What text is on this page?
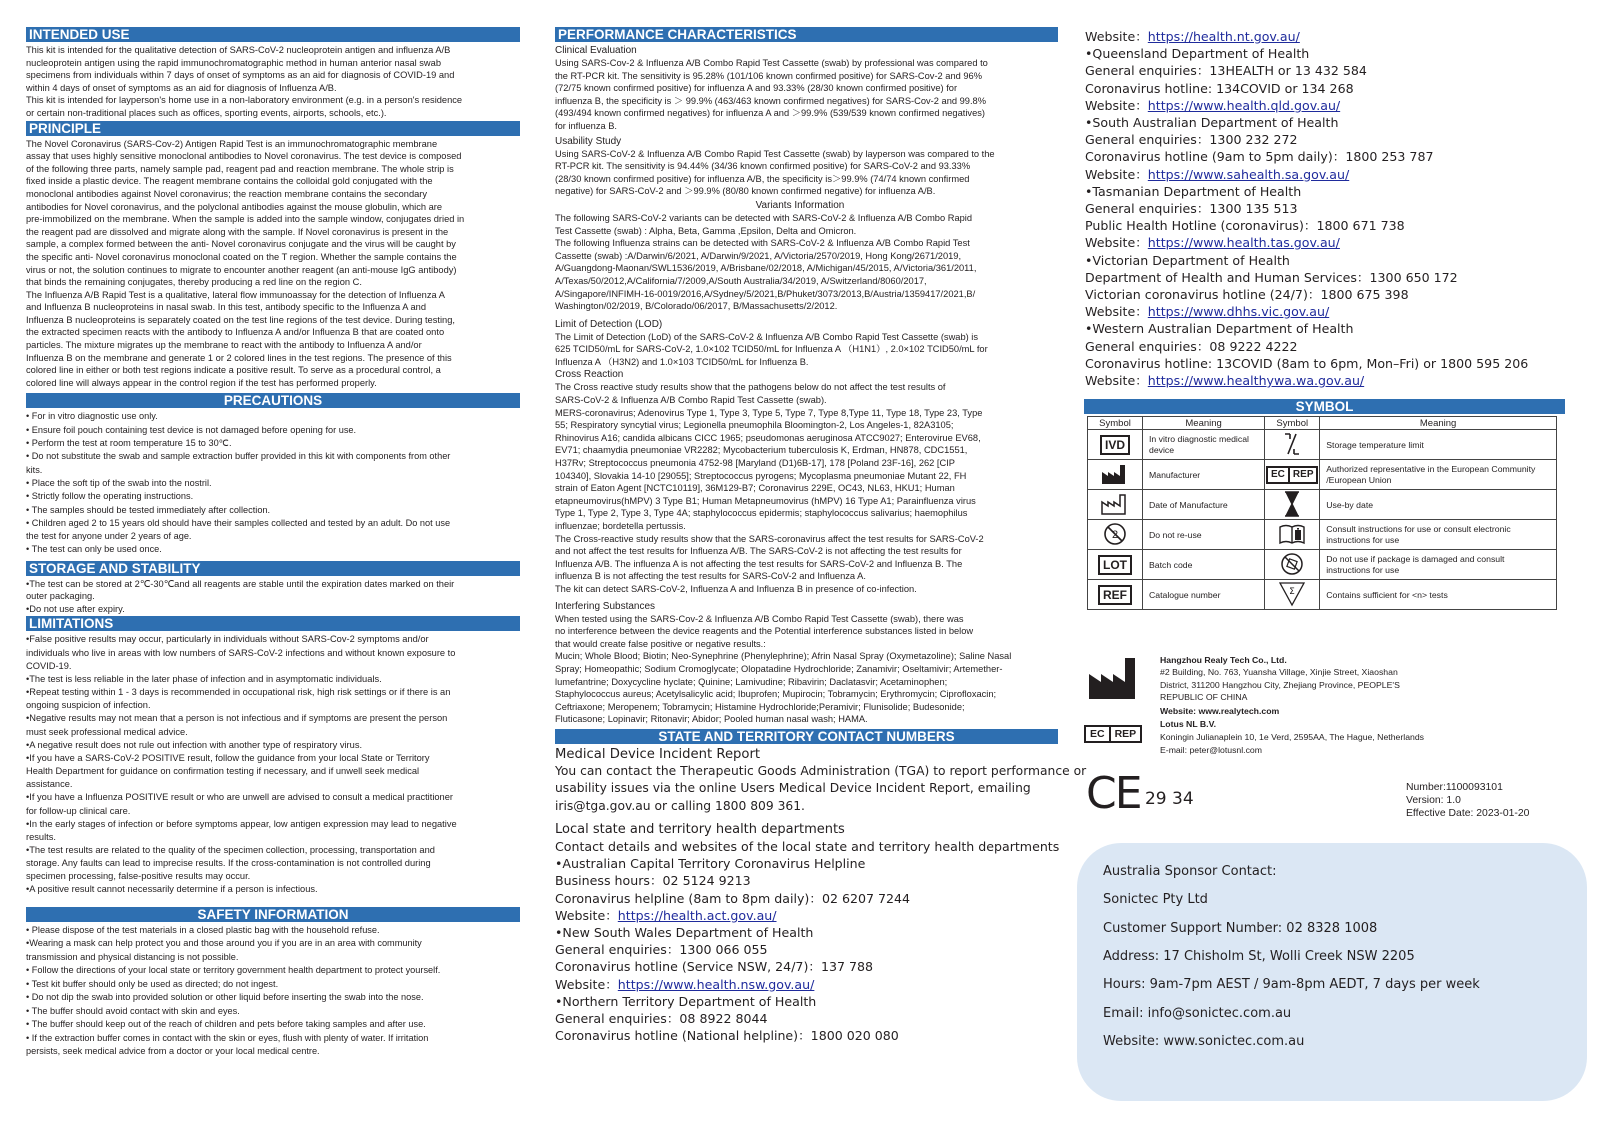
INTENDED USE

This kit is intended for the qualitative detection of SARS-CoV-2 nucleoprotein antigen and influenza A/B

nucleoprotein antigen using the rapid immunochromatographic method in human anterior nasal swab

specimens from individuals within 7 days of onset of symptoms as an aid for diagnosis of COVID-19 and

within 4 days of onset of symptoms as an aid for diagnosis of Influenza A/B.

This kit is intended for layperson's home use in a non-laboratory environment (e.g. in a person's residence

or certain non-traditional places such as offices, sporting events, airports, schools, etc.).

PRINCIPLE

The Novel Coronavirus (SARS-Cov-2) Antigen Rapid Test is an immunochromatographic membrane

assay that uses highly sensitive monoclonal antibodies to Novel coronavirus. The test device is composed

of the following three parts, namely sample pad, reagent pad and reaction membrane. The whole strip is

fixed inside a plastic device. The reagent membrane contains the colloidal gold conjugated with the

monoclonal antibodies against Novel coronavirus; the reaction membrane contains the secondary

antibodies for Novel coronavirus, and the polyclonal antibodies against the mouse globulin, which are

pre-immobilized on the membrane. When the sample is added into the sample window, conjugates dried in

the reagent pad are dissolved and migrate along with the sample. If Novel coronavirus is present in the

sample, a complex formed between the anti- Novel coronavirus conjugate and the virus will be caught by

the specific anti- Novel coronavirus monoclonal coated on the T region. Whether the sample contains the

virus or not, the solution continues to migrate to encounter another reagent (an anti-mouse IgG antibody)

that binds the remaining conjugates, thereby producing a red line on the region C.

The Influenza A/B Rapid Test is a qualitative, lateral flow immunoassay for the detection of Influenza A

and Influenza B nucleoproteins in nasal swab. In this test, antibody specific to the Influenza A and

Influenza B nucleoproteins is separately coated on the test line regions of the test device. During testing,

the extracted specimen reacts with the antibody to Influenza A and/or Influenza B that are coated onto

particles. The mixture migrates up the membrane to react with the antibody to Influenza A and/or

Influenza B on the membrane and generate 1 or 2 colored lines in the test regions. The presence of this

colored line in either or both test regions indicate a positive result. To serve as a procedural control, a

colored line will always appear in the control region if the test has performed properly.

PRECAUTIONS

• For in vitro diagnostic use only.

• Ensure foil pouch containing test device is not damaged before opening for use.

• Perform the test at room temperature 15 to 30℃.

• Do not substitute the swab and sample extraction buffer provided in this kit with components from other

kits.

• Place the soft tip of the swab into the nostril.

• Strictly follow the operating instructions.

• The samples should be tested immediately after collection.

• Children aged 2 to 15 years old should have their samples collected and tested by an adult. Do not use

the test for anyone under 2 years of age.

• The test can only be used once.

STORAGE AND STABILITY

•The test can be stored at 2℃-30℃and all reagents are stable until the expiration dates marked on their

outer packaging.

•Do not use after expiry.

LIMITATIONS

•False positive results may occur, particularly in individuals without SARS-Cov-2 symptoms and/or

individuals who live in areas with low numbers of SARS-CoV-2 infections and without known exposure to

COVID-19.

•The test is less reliable in the later phase of infection and in asymptomatic individuals.

•Repeat testing within 1 - 3 days is recommended in occupational risk, high risk settings or if there is an

ongoing suspicion of infection.

•Negative results may not mean that a person is not infectious and if symptoms are present the person

must seek professional medical advice.

•A negative result does not rule out infection with another type of respiratory virus.

•If you have a SARS-CoV-2 POSITIVE result, follow the guidance from your local State or Territory

Health Department for guidance on confirmation testing if necessary, and if unwell seek medical

assistance.

•If you have a Influenza POSITIVE result or who are unwell are advised to consult a medical practitioner

for follow-up clinical care.

•In the early stages of infection or before symptoms appear, low antigen expression may lead to negative

results.

•The test results are related to the quality of the specimen collection, processing, transportation and

storage. Any faults can lead to imprecise results. If the cross-contamination is not controlled during

specimen processing, false-positive results may occur.

•A positive result cannot necessarily determine if a person is infectious.

SAFETY INFORMATION

• Please dispose of the test materials in a closed plastic bag with the household refuse.

•Wearing a mask can help protect you and those around you if you are in an area with community

transmission and physical distancing is not possible.

• Follow the directions of your local state or territory government health department to protect yourself.

• Test kit buffer should only be used as directed; do not ingest.

• Do not dip the swab into provided solution or other liquid before inserting the swab into the nose.

• The buffer should avoid contact with skin and eyes.

• The buffer should keep out of the reach of children and pets before taking samples and after use.

• If the extraction buffer comes in contact with the skin or eyes, flush with plenty of water. If irritation

persists, seek medical advice from a doctor or your local medical centre.

PERFORMANCE CHARACTERISTICS

Clinical Evaluation

Using SARS-Cov-2 & Influenza A/B Combo Rapid Test Cassette (swab) by professional was compared to

the RT-PCR kit. The sensitivity is 95.28% (101/106 known confirmed positive) for SARS-Cov-2 and 96%

(72/75 known confirmed positive) for influenza A and 93.33% (28/30 known confirmed positive) for

influenza B, the specificity is ＞ 99.9% (463/463 known confirmed negatives) for SARS-Cov-2 and 99.8%

(493/494 known confirmed negatives) for influenza A and ＞99.9% (539/539 known confirmed negatives)

for influenza B.

Usability Study

Using SARS-CoV-2 & Influenza A/B Combo Rapid Test Cassette (swab) by layperson was compared to the

RT-PCR kit. The sensitivity is 94.44% (34/36 known confirmed positive) for SARS-CoV-2 and 93.33%

(28/30 known confirmed positive) for influenza A/B, the specificity is＞99.9% (74/74 known confirmed

negative) for SARS-CoV-2 and ＞99.9% (80/80 known confirmed negative) for influenza A/B.

Variants Information

The following SARS-CoV-2 variants can be detected with SARS-CoV-2 & Influenza A/B Combo Rapid

Test Cassette (swab) : Alpha, Beta, Gamma ,Epsilon, Delta and Omicron.

The following Influenza strains can be detected with SARS-CoV-2 & Influenza A/B Combo Rapid Test

Cassette (swab) :A/Darwin/6/2021, A/Darwin/9/2021, A/Victoria/2570/2019, Hong Kong/2671/2019,

A/Guangdong-Maonan/SWL1536/2019, A/Brisbane/02/2018, A/Michigan/45/2015, A/Victoria/361/2011,

A/Texas/50/2012,A/California/7/2009,A/South Australia/34/2019, A/Switzerland/8060/2017,

A/Singapore/INFIMH-16-0019/2016,A/Sydney/5/2021,B/Phuket/3073/2013,B/Austria/1359417/2021,B/

Washington/02/2019, B/Colorado/06/2017, B/Massachusetts/2/2012.

Limit of Detection (LOD)

The Limit of Detection (LoD) of the SARS-CoV-2 & Influenza A/B Combo Rapid Test Cassette (swab) is

625 TCID50/mL for SARS-CoV-2, 1.0×102 TCID50/mL for Influenza A （H1N1）, 2.0×102 TCID50/mL for

Influenza A （H3N2) and 1.0×103 TCID50/mL for Influenza B.

Cross Reaction

The Cross reactive study results show that the pathogens below do not affect the test results of

SARS-CoV-2 & Influenza A/B Combo Rapid Test Cassette (swab).

MERS-coronavirus; Adenovirus Type 1, Type 3, Type 5, Type 7, Type 8,Type 11, Type 18, Type 23, Type

55; Respiratory syncytial virus; Legionella pneumophila Bloomington-2, Los Angeles-1, 82A3105;

Rhinovirus A16; candida albicans CICC 1965; pseudomonas aeruginosa ATCC9027; Enterovirue EV68,

EV71; chaamydia pneumoniae VR2282; Mycobacterium tuberculosis K, Erdman, HN878, CDC1551,

H37Rv; Streptococcus pneumonia 4752-98 [Maryland (D1)6B-17], 178 [Poland 23F-16], 262 [CIP

104340], Slovakia 14-10 [29055]; Streptococcus pyrogens; Mycoplasma pneumoniae Mutant 22, FH

strain of Eaton Agent [NCTC10119], 36M129-B7; Coronavirus 229E, OC43, NL63, HKU1; Human

etapneumovirus(hMPV) 3 Type B1; Human Metapneumovirus (hMPV) 16 Type A1; Parainfluenza virus

Type 1, Type 2, Type 3, Type 4A; staphylococcus epidermis; staphylococcus salivarius; haemophilus

influenzae; bordetella pertussis.

The Cross-reactive study results show that the SARS-coronavirus affect the test results for SARS-CoV-2

and not affect the test results for Influenza A/B. The SARS-CoV-2 is not affecting the test results for

Influenza A/B. The influenza A is not affecting the test results for SARS-CoV-2 and Influenza B. The

influenza B is not affecting the test results for SARS-CoV-2 and Influenza A.

The kit can detect SARS-CoV-2, Influenza A and Influenza B in presence of co-infection.

Interfering Substances

When tested using the SARS-Cov-2 & Influenza A/B Combo Rapid Test Cassette (swab), there was

no interference between the device reagents and the Potential interference substances listed in below

that would create false positive or negative results.:

Mucin; Whole Blood; Biotin; Neo-Synephrine (Phenylephrine); Afrin Nasal Spray (Oxymetazoline); Saline Nasal

Spray; Homeopathic; Sodium Cromoglycate; Olopatadine Hydrochloride; Zanamivir; Oseltamivir; Artemether-

lumefantrine; Doxycycline hyclate; Quinine; Lamivudine; Ribavirin; Daclatasvir; Acetaminophen;

Staphylococcus aureus; Acetylsalicylic acid; Ibuprofen; Mupirocin; Tobramycin; Erythromycin; Ciprofloxacin;

Ceftriaxone; Meropenem; Tobramycin; Histamine Hydrochloride;Peramivir; Flunisolide; Budesonide;

Fluticasone; Lopinavir; Ritonavir; Abidor; Pooled human nasal wash; HAMA.

STATE AND TERRITORY CONTACT NUMBERS
Medical Device Incident Report

You can contact the Therapeutic Goods Administration (TGA) to report performance or

usability issues via the online Users Medical Device Incident Report, emailing

iris@tga.gov.au or calling 1800 809 361.

Local state and territory health departments

Contact details and websites of the local state and territory health departments

•Australian Capital Territory Coronavirus Helpline

Business hours：02 5124 9213

Coronavirus helpline (8am to 8pm daily)：02 6207 7244

Website：https://health.act.gov.au/

•New South Wales Department of Health

General enquiries：1300 066 055

Coronavirus hotline (Service NSW, 24/7)：137 788

Website：https://www.health.nsw.gov.au/

•Northern Territory Department of Health

General enquiries：08 8922 8044

Coronavirus hotline (National helpline)：1800 020 080

Website：https://health.nt.gov.au/

•Queensland Department of Health

General enquiries：13HEALTH or 13 432 584

Coronavirus hotline: 134COVID or 134 268

Website：https://www.health.qld.gov.au/

•South Australian Department of Health

General enquiries：1300 232 272

Coronavirus hotline (9am to 5pm daily)：1800 253 787

Website：https://www.sahealth.sa.gov.au/

•Tasmanian Department of Health

General enquiries：1300 135 513

Public Health Hotline (coronavirus)：1800 671 738

Website：https://www.health.tas.gov.au/

•Victorian Department of Health

Department of Health and Human Services：1300 650 172

Victorian coronavirus hotline (24/7)：1800 675 398

Website：https://www.dhhs.vic.gov.au/

•Western Australian Department of Health

General enquiries：08 9222 4222

Coronavirus hotline: 13COVID (8am to 6pm, Mon–Fri) or 1800 595 206

Website：https://www.healthywa.wa.gov.au/
SYMBOL
Symbol	Meaning	Symbol	Meaning
IVD	In vitro diagnostic medical device		Storage temperature limit
	Manufacturer	EC REP	Authorized representative in the European Community /European Union
	Date of Manufacture		Use-by date

2	Do not re-use		Consult instructions for use or consult electronic instructions for use
LOT	Batch code		Do not use if package is damaged and consult instructions for use
REF	Catalogue number	Σ	Contains sufficient for <n> tests
Hangzhou Realy Tech Co., Ltd.

#2 Building, No. 763, Yuansha Village, Xinjie Street, Xiaoshan

District, 311200 Hangzhou City, Zhejiang Province, PEOPLE'S

REPUBLIC OF CHINA

Website: www.realytech.com
EC REP
Lotus NL B.V.
Koningin Julianaplein 10, 1e Verd, 2595AA, The Hague, Netherlands
E-mail: peter@lotusnl.com
CE 29 34

Number:1100093101

Version: 1.0

Effective Date: 2023-01-20

Australia Sponsor Contact:
Sonictec Pty Ltd
Customer Support Number: 02 8328 1008
Address: 17 Chisholm St, Wolli Creek NSW 2205
Hours: 9am-7pm AEST / 9am-8pm AEDT, 7 days per week
Email: info@sonictec.com.au
Website: www.sonictec.com.au
